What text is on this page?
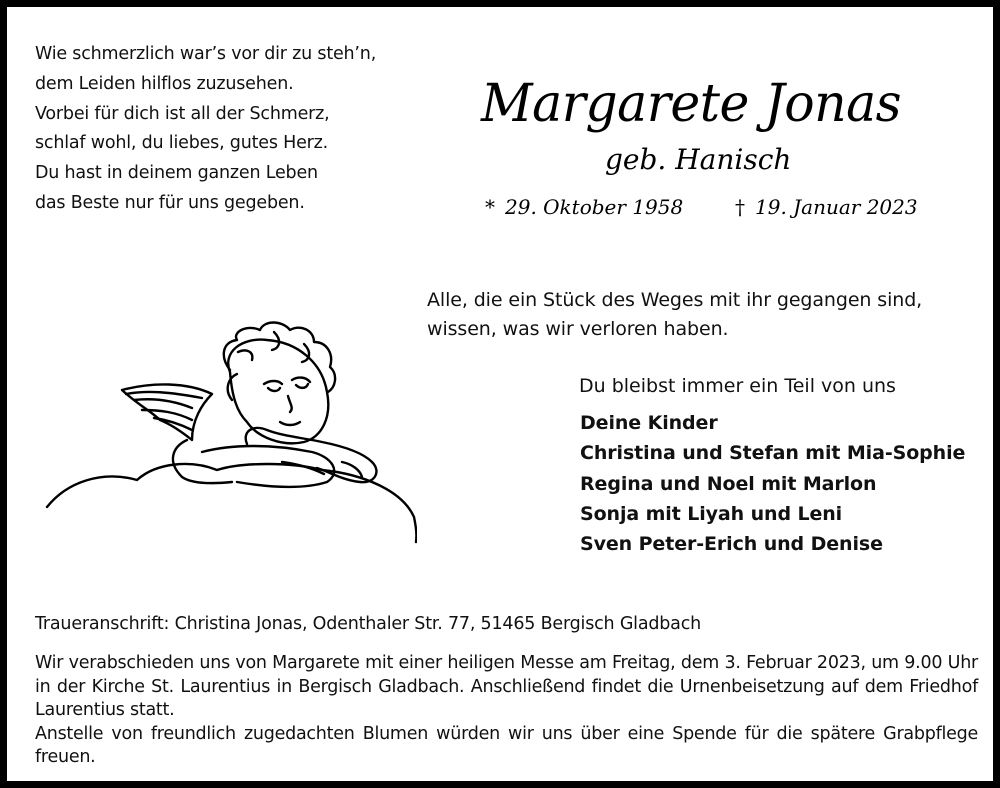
Wie schmerzlich war’s vor dir zu steh’n,
dem Leiden hilflos zuzusehen.
Vorbei für dich ist all der Schmerz,
schlaf wohl, du liebes, gutes Herz.
Du hast in deinem ganzen Leben
das Beste nur für uns gegeben.
Margarete Jonas
geb. Hanisch
* 29. Oktober 1958	† 19. Januar 2023
Alle, die ein Stück des Weges mit ihr gegangen sind,
wissen, was wir verloren haben.
Du bleibst immer ein Teil von uns
Deine Kinder
Christina und Stefan mit Mia-Sophie
Regina und Noel mit Marlon
Sonja mit Liyah und Leni
Sven Peter-Erich und Denise
Traueranschrift: Christina Jonas, Odenthaler Str. 77, 51465 Bergisch Gladbach

Wir verabschieden uns von Margarete mit einer heiligen Messe am Freitag, dem 3. Februar 2023, um 9.00 Uhr in der Kirche St. Laurentius in Bergisch Gladbach. Anschließend findet die Urnenbeisetzung auf dem Friedhof Laurentius statt.

Anstelle von freundlich zugedachten Blumen würden wir uns über eine Spende für die spätere Grabpflege freuen.
